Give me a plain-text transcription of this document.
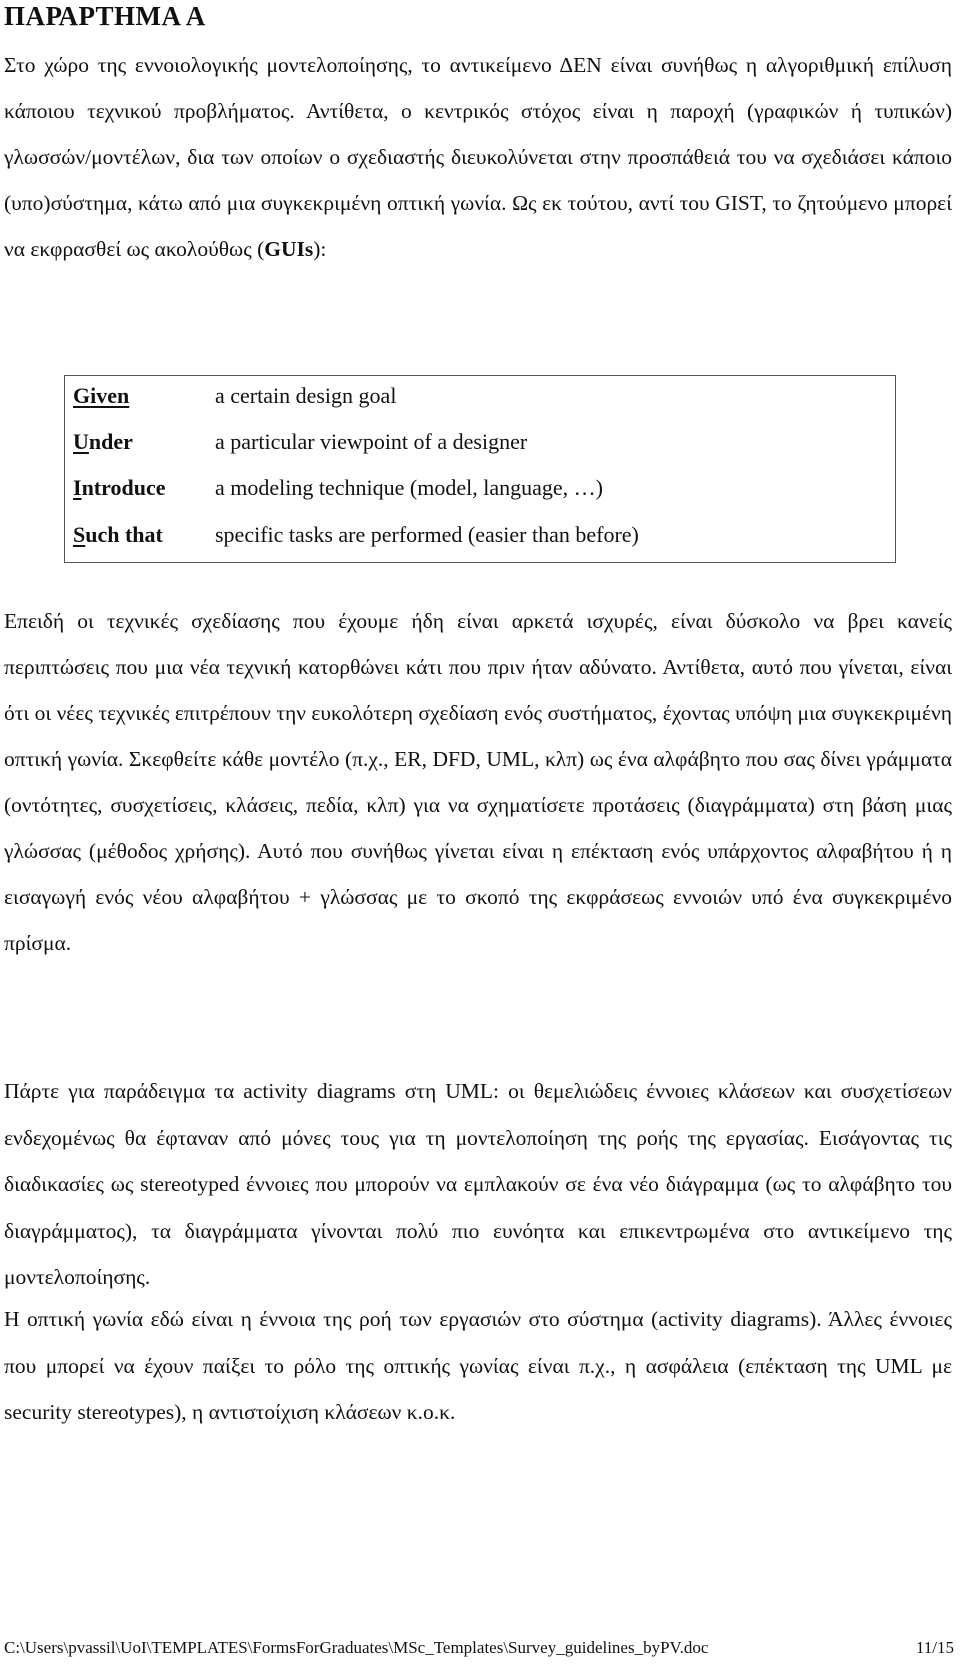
ΠΑΡΑΡΤΗΜΑ Α

Στο χώρο της εννοιολογικής μοντελοποίησης, το αντικείμενο ΔΕΝ είναι συνήθως η αλγοριθμική επίλυση κάποιου τεχνικού προβλήματος. Αντίθετα, ο κεντρικός στόχος είναι η παροχή (γραφικών ή τυπικών) γλωσσών/μοντέλων, δια των οποίων ο σχεδιαστής διευκολύνεται στην προσπάθειά του να σχεδιάσει κάποιο (υπο)σύστημα, κάτω από μια συγκεκριμένη οπτική γωνία. Ως εκ τούτου, αντί του GIST, το ζητούμενο μπορεί να εκφρασθεί ως ακολούθως (GUIs):

Given	a certain design goal
Under	a particular viewpoint of a designer
Introduce	a modeling technique (model, language, …)
Such that	specific tasks are performed (easier than before)

Επειδή οι τεχνικές σχεδίασης που έχουμε ήδη είναι αρκετά ισχυρές, είναι δύσκολο να βρει κανείς περιπτώσεις που μια νέα τεχνική κατορθώνει κάτι που πριν ήταν αδύνατο. Αντίθετα, αυτό που γίνεται, είναι ότι οι νέες τεχνικές επιτρέπουν την ευκολότερη σχεδίαση ενός συστήματος, έχοντας υπόψη μια συγκεκριμένη οπτική γωνία. Σκεφθείτε κάθε μοντέλο (π.χ., ER, DFD, UML, κλπ) ως ένα αλφάβητο που σας δίνει γράμματα (οντότητες, συσχετίσεις, κλάσεις, πεδία, κλπ) για να σχηματίσετε προτάσεις (διαγράμματα) στη βάση μιας γλώσσας (μέθοδος χρήσης). Αυτό που συνήθως γίνεται είναι η επέκταση ενός υπάρχοντος αλφαβήτου ή η εισαγωγή ενός νέου αλφαβήτου + γλώσσας με το σκοπό της εκφράσεως εννοιών υπό ένα συγκεκριμένο πρίσμα.

Πάρτε για παράδειγμα τα activity diagrams στη UML: οι θεμελιώδεις έννοιες κλάσεων και συσχετίσεων ενδεχομένως θα έφταναν από μόνες τους για τη μοντελοποίηση της ροής της εργασίας. Εισάγοντας τις διαδικασίες ως stereotyped έννοιες που μπορούν να εμπλακούν σε ένα νέο διάγραμμα (ως το αλφάβητο του διαγράμματος), τα διαγράμματα γίνονται πολύ πιο ευνόητα και επικεντρωμένα στο αντικείμενο της μοντελοποίησης.

Η οπτική γωνία εδώ είναι η έννοια της ροή των εργασιών στο σύστημα (activity diagrams). Άλλες έννοιες που μπορεί να έχουν παίξει το ρόλο της οπτικής γωνίας είναι π.χ., η ασφάλεια (επέκταση της UML με security stereotypes), η αντιστοίχιση κλάσεων κ.ο.κ.

C:\Users\pvassil\UoI\TEMPLATES\FormsForGraduates\MSc_Templates\Survey_guidelines_byPV.doc	11/15
